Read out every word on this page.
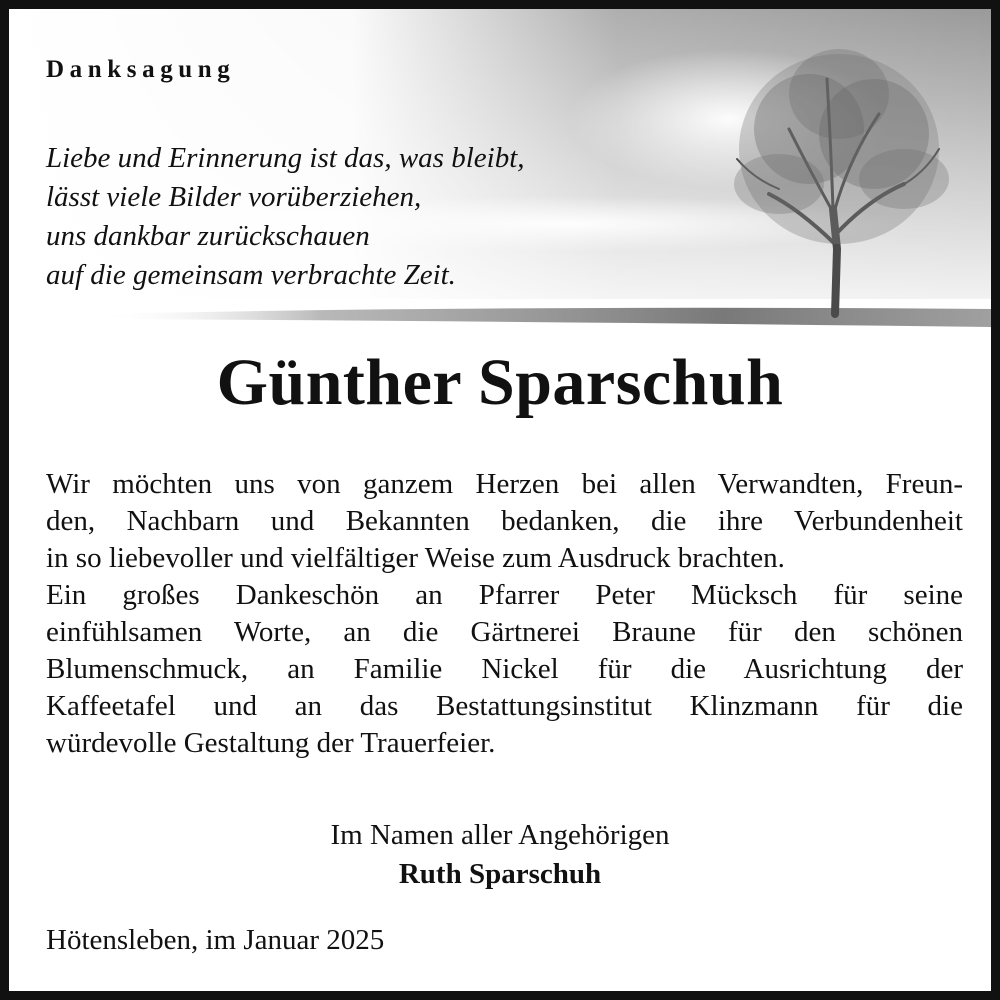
Danksagung
Liebe und Erinnerung ist das, was bleibt,
lässt viele Bilder vorüberziehen,
uns dankbar zurückschauen
auf die gemeinsam verbrachte Zeit.
Günther Sparschuh
Wir möchten uns von ganzem Herzen bei allen Verwandten, Freun-
den, Nachbarn und Bekannten bedanken, die ihre Verbundenheit
in so liebevoller und vielfältiger Weise zum Ausdruck brachten.
Ein großes Dankeschön an Pfarrer Peter Mücksch für seine
einfühlsamen Worte, an die Gärtnerei Braune für den schönen
Blumenschmuck, an Familie Nickel für die Ausrichtung der
Kaffeetafel und an das Bestattungsinstitut Klinzmann für die
würdevolle Gestaltung der Trauerfeier.
Im Namen aller Angehörigen
Ruth Sparschuh
Hötensleben, im Januar 2025
